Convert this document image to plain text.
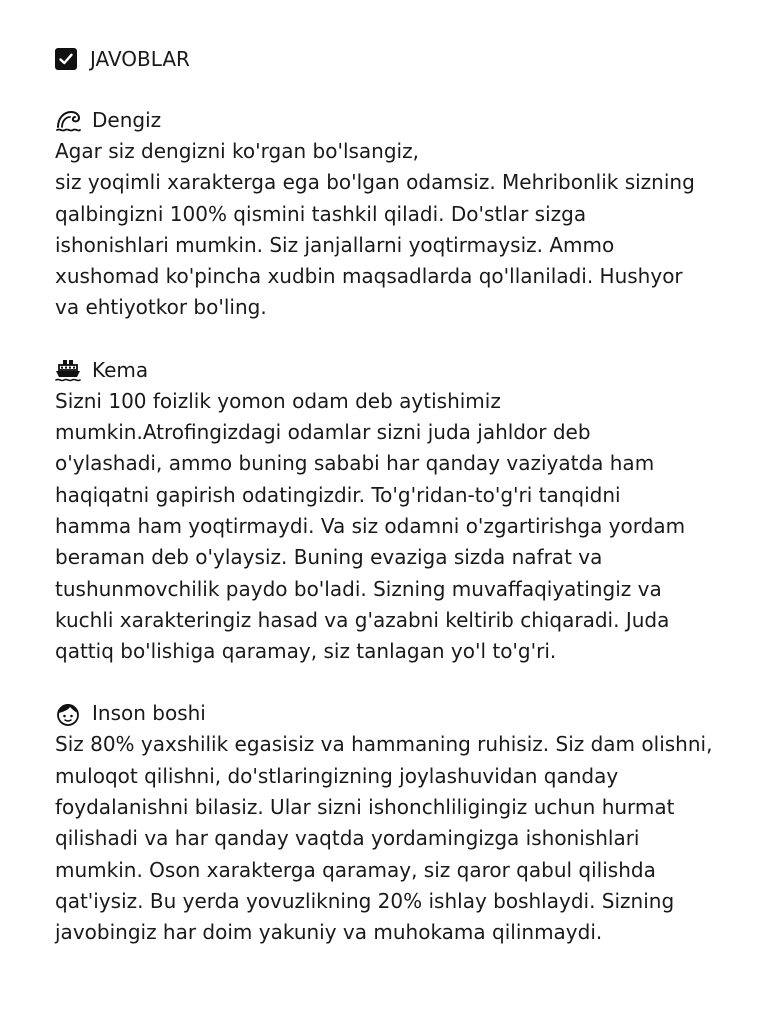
JAVOBLAR
Dengiz

Agar siz dengizni ko'rgan bo'lsangiz,
siz yoqimli xarakterga ega bo'lgan odamsiz. Mehribonlik sizning
qalbingizni 100% qismini tashkil qiladi. Do'stlar sizga
ishonishlari mumkin. Siz janjallarni yoqtirmaysiz. Ammo
xushomad ko'pincha xudbin maqsadlarda qo'llaniladi. Hushyor
va ehtiyotkor bo'ling.

Kema

Sizni 100 foizlik yomon odam deb aytishimiz
mumkin.Atrofingizdagi odamlar sizni juda jahldor deb
o'ylashadi, ammo buning sababi har qanday vaziyatda ham
haqiqatni gapirish odatingizdir. To'g'ridan-to'g'ri tanqidni
hamma ham yoqtirmaydi. Va siz odamni o'zgartirishga yordam
beraman deb o'ylaysiz. Buning evaziga sizda nafrat va
tushunmovchilik paydo bo'ladi. Sizning muvaffaqiyatingiz va
kuchli xarakteringiz hasad va g'azabni keltirib chiqaradi. Juda
qattiq bo'lishiga qaramay, siz tanlagan yo'l to'g'ri.

Inson boshi

Siz 80% yaxshilik egasisiz va hammaning ruhisiz. Siz dam olishni,
muloqot qilishni, do'stlaringizning joylashuvidan qanday
foydalanishni bilasiz. Ular sizni ishonchliligingiz uchun hurmat
qilishadi va har qanday vaqtda yordamingizga ishonishlari
mumkin. Oson xarakterga qaramay, siz qaror qabul qilishda
qat'iysiz. Bu yerda yovuzlikning 20% ishlay boshlaydi. Sizning
javobingiz har doim yakuniy va muhokama qilinmaydi.
